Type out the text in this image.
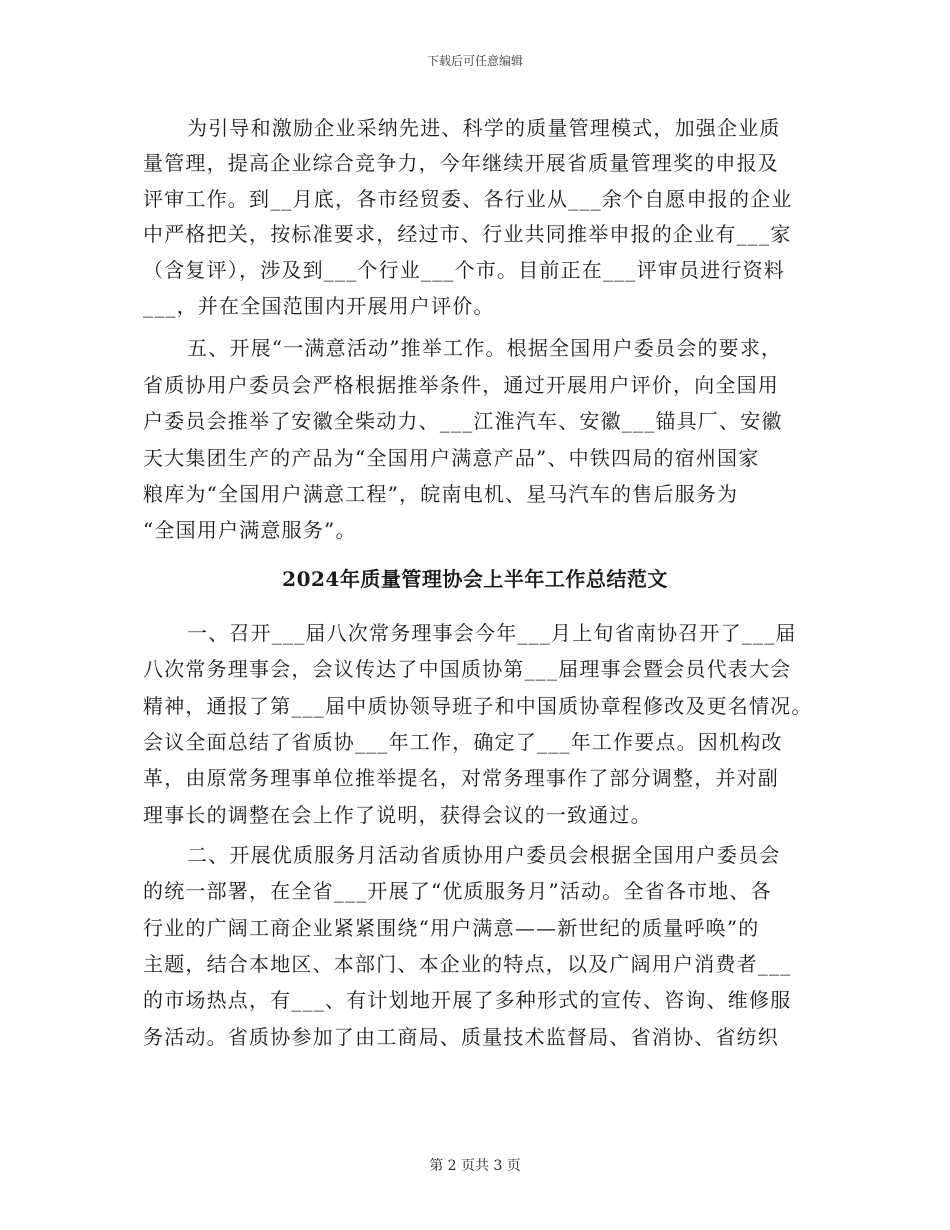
下载后可任意编辑
为引导和激励企业采纳先进、科学的质量管理模式，加强企业质
量管理，提高企业综合竞争力，今年继续开展省质量管理奖的申报及
评审工作。到__月底，各市经贸委、各行业从___余个自愿申报的企业
中严格把关，按标准要求，经过市、行业共同推举申报的企业有___家
（含复评），涉及到___个行业___个市。目前正在___评审员进行资料
___，并在全国范围内开展用户评价。
五、开展“一满意活动”推举工作。根据全国用户委员会的要求，
省质协用户委员会严格根据推举条件，通过开展用户评价，向全国用
户委员会推举了安徽全柴动力、___江淮汽车、安徽___锚具厂、安徽
天大集团生产的产品为“全国用户满意产品”、中铁四局的宿州国家
粮库为“全国用户满意工程”，皖南电机、星马汽车的售后服务为
“全国用户满意服务”。
2024年质量管理协会上半年工作总结范文
一、召开___届八次常务理事会今年___月上旬省南协召开了___届
八次常务理事会，会议传达了中国质协第___届理事会暨会员代表大会
精神，通报了第___届中质协领导班子和中国质协章程修改及更名情况。
会议全面总结了省质协___年工作，确定了___年工作要点。因机构改
革，由原常务理事单位推举提名，对常务理事作了部分调整，并对副
理事长的调整在会上作了说明，获得会议的一致通过。
二、开展优质服务月活动省质协用户委员会根据全国用户委员会
的统一部署，在全省___开展了“优质服务月”活动。全省各市地、各
行业的广阔工商企业紧紧围绕“用户满意——新世纪的质量呼唤”的
主题，结合本地区、本部门、本企业的特点，以及广阔用户消费者___
的市场热点，有___、有计划地开展了多种形式的宣传、咨询、维修服
务活动。省质协参加了由工商局、质量技术监督局、省消协、省纺织
第 2 页共 3 页
